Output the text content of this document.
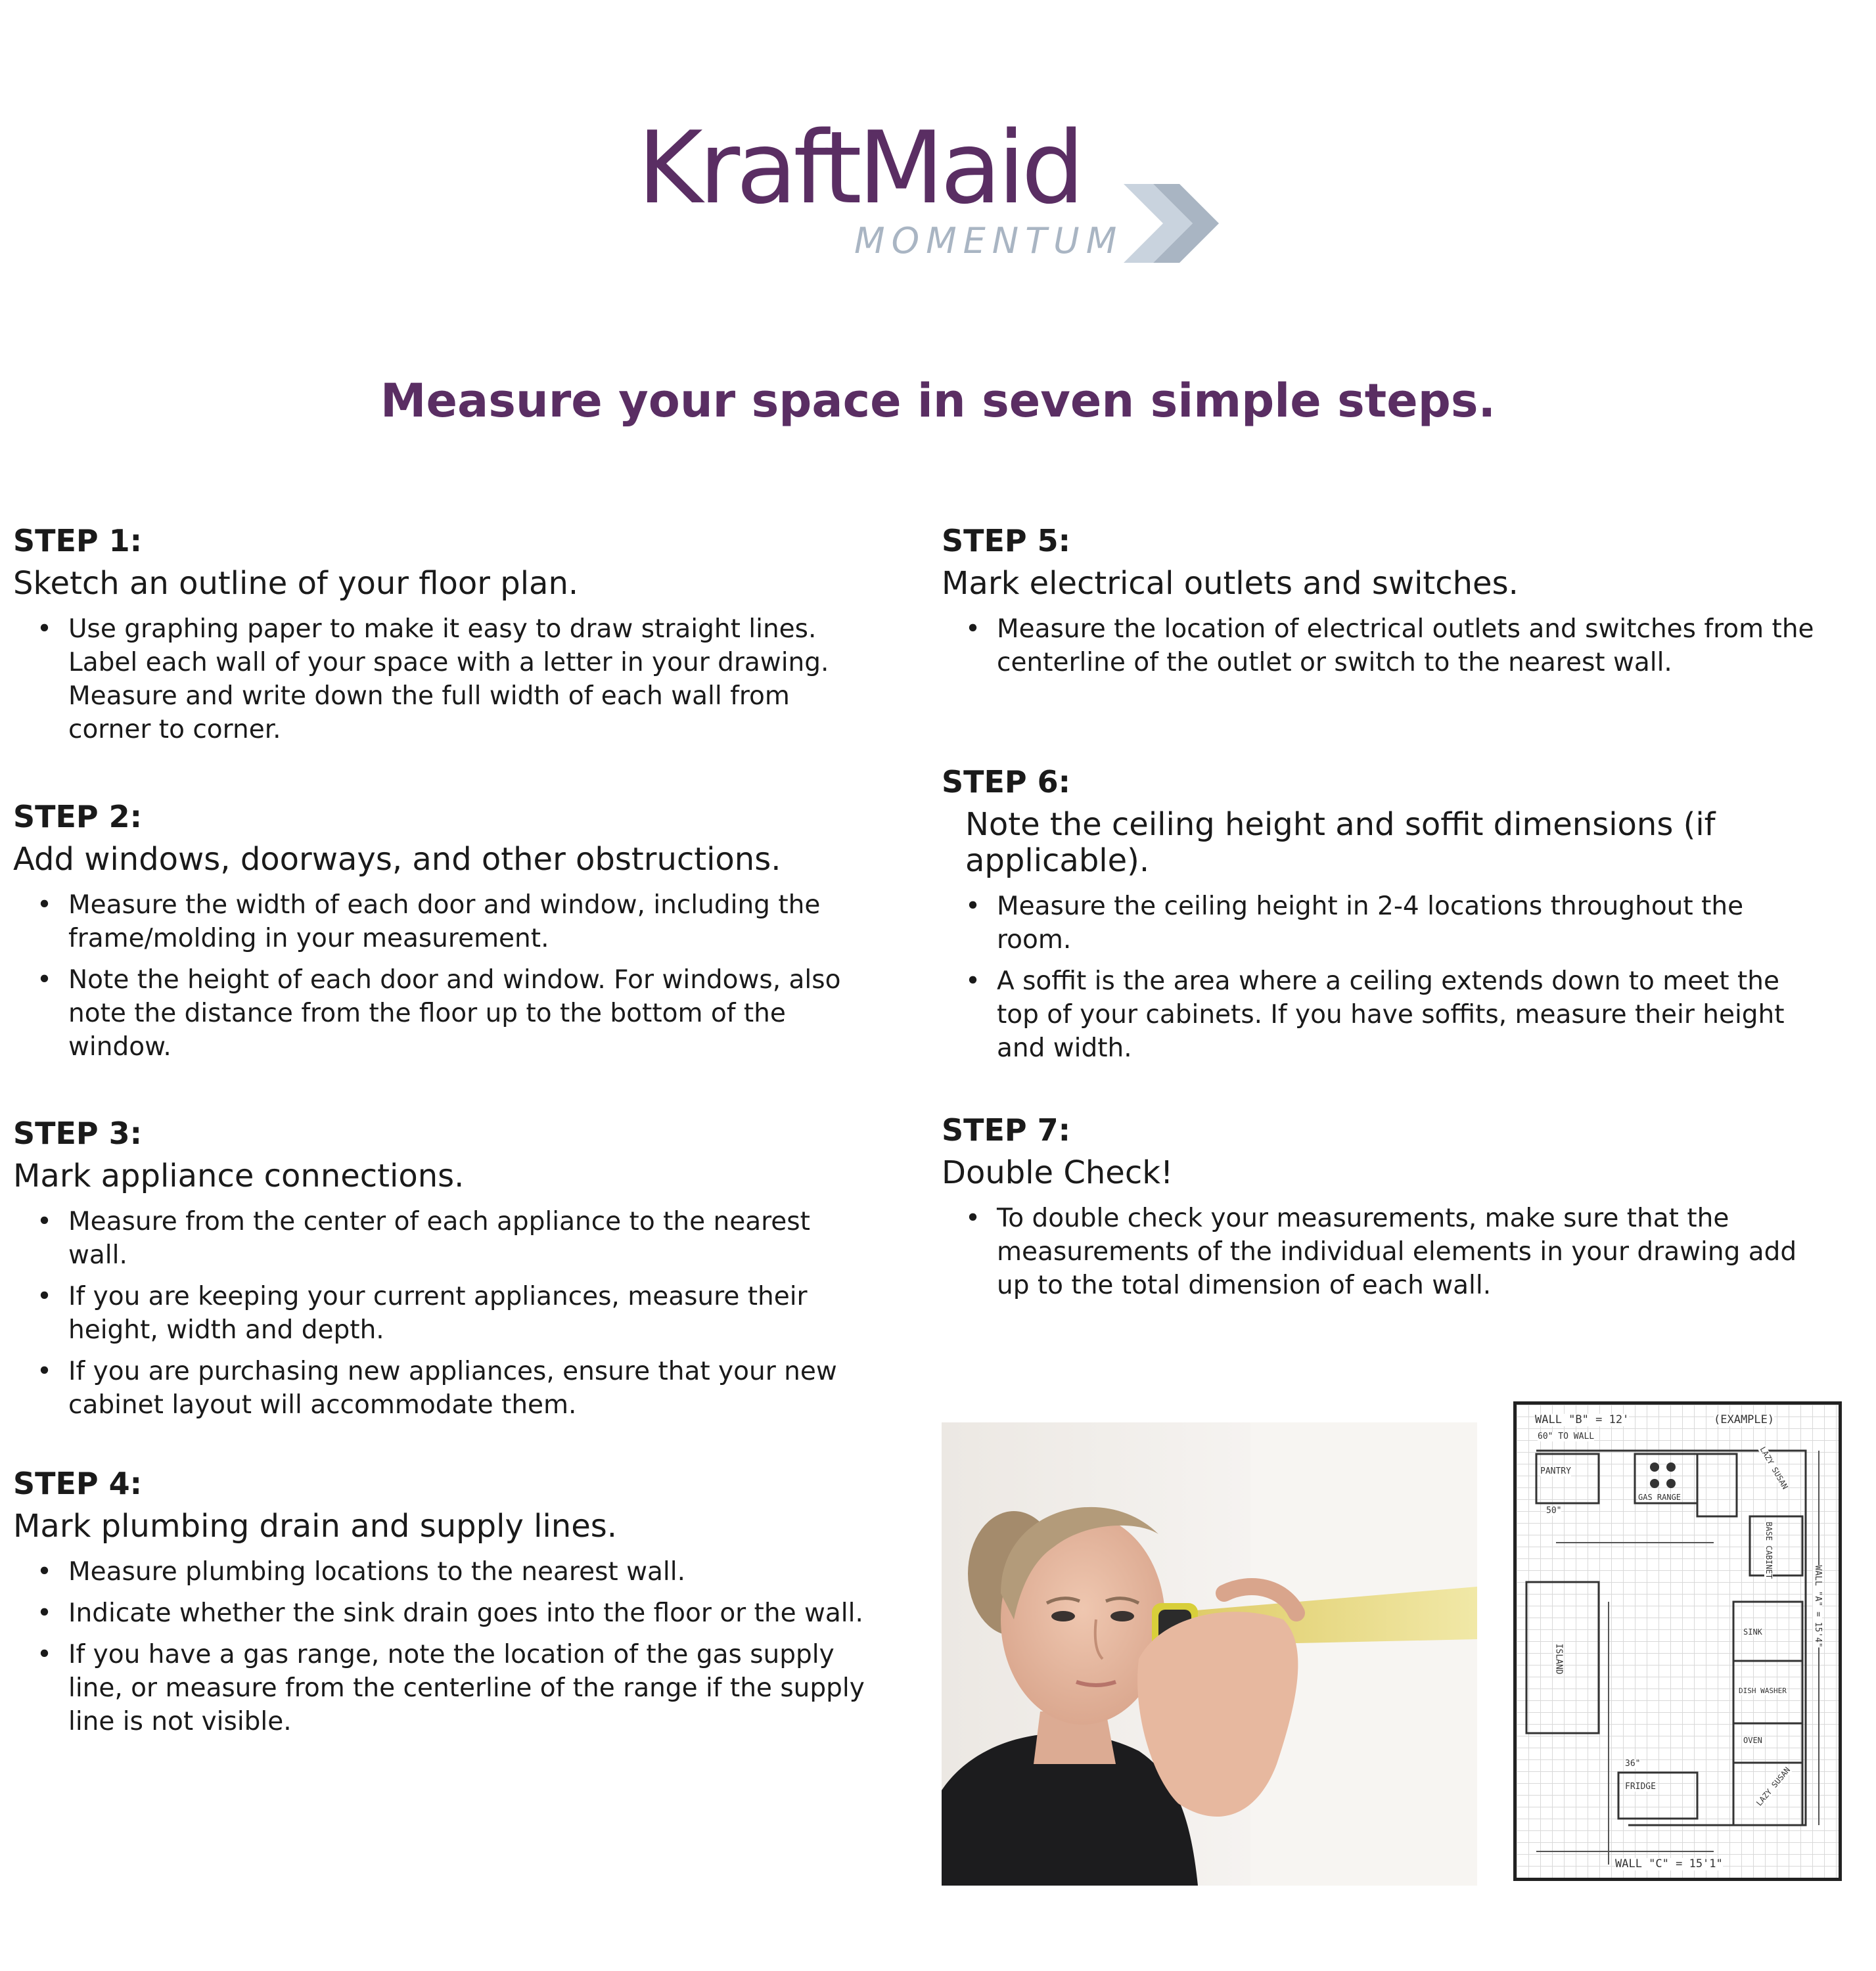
KraftMaid
MOMENTUM
Measure your space in seven simple steps.
STEP 1:
Sketch an outline of your floor plan.
• Use graphing paper to make it easy to draw straight lines. Label each wall of your space with a letter in your drawing. Measure and write down the full width of each wall from corner to corner.
STEP 2:
Add windows, doorways, and other obstructions.
• Measure the width of each door and window, including the frame/molding in your measurement.
• Note the height of each door and window. For windows, also note the distance from the floor up to the bottom of the window.
STEP 3:
Mark appliance connections.
• Measure from the center of each appliance to the nearest wall.
• If you are keeping your current appliances, measure their height, width and depth.
• If you are purchasing new appliances, ensure that your new cabinet layout will accommodate them.
STEP 4:
Mark plumbing drain and supply lines.
• Measure plumbing locations to the nearest wall.
• Indicate whether the sink drain goes into the floor or the wall.
• If you have a gas range, note the location of the gas supply line, or measure from the centerline of the range if the supply line is not visible.
STEP 5:
Mark electrical outlets and switches.
• Measure the location of electrical outlets and switches from the centerline of the outlet or switch to the nearest wall.
STEP 6:
Note the ceiling height and soffit dimensions (if applicable).
• Measure the ceiling height in 2-4 locations throughout the room.
• A soffit is the area where a ceiling extends down to meet the top of your cabinets. If you have soffits, measure their height and width.
STEP 7:
Double Check!
• To double check your measurements, make sure that the measurements of the individual elements in your drawing add up to the total dimension of each wall.
WALL "B" = 12'	(EXAMPLE)
60" TO WALL
PANTRY
GAS RANGE
LAZY SUSAN
BASE CABINET
ISLAND
SINK
DISH WASHER
OVEN
LAZY SUSAN
FRIDGE
WALL "A" = 15'4"
WALL "C" = 15'1"
50"
36"
